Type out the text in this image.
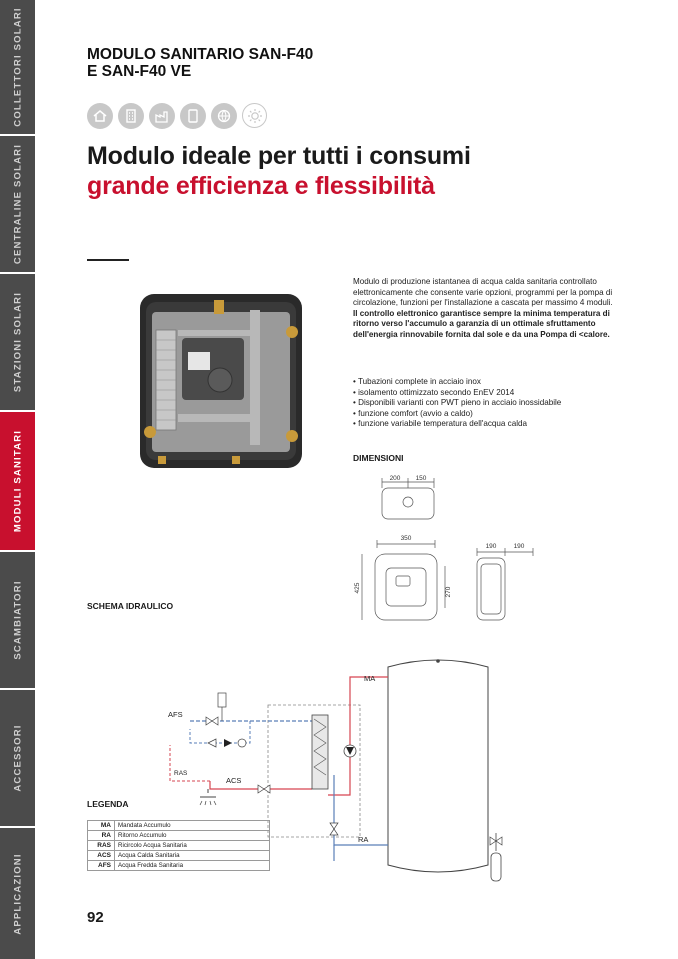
COLLETTORI SOLARI
CENTRALINE SOLARI
STAZIONI SOLARI
MODULI SANITARI
SCAMBIATORI
ACCESSORI
APPLICAZIONI
MODULO SANITARIO SAN-F40
E SAN-F40 VE
Modulo ideale per tutti i consumi
grande efficienza e flessibilità
Modulo di produzione istantanea di acqua calda sanitaria controllato elettronicamente che consente varie opzioni, programmi per la pompa di circolazione, funzioni per l'installazione a cascata per massimo 4 moduli. Il controllo elettronico garantisce sempre la minima temperatura di ritorno verso l'accumulo a garanzia di un ottimale sfruttamento dell'energia rinnovabile fornita dal sole e da una Pompa di <calore.
• Tubazioni complete in acciaio inox
• isolamento ottimizzato secondo EnEV 2014
• Disponibili varianti con PWT pieno in acciaio inossidabile
• funzione comfort (avvio a caldo)
• funzione variabile temperatura dell'acqua calda
DIMENSIONI
200 150
350
425	270
190	190
SCHEMA IDRAULICO
MA
RA
AFS
RAS
ACS
LEGENDA
MA	Mandata Accumulo
RA	Ritorno Accumulo
RAS	Ricircolo Acqua Sanitaria
ACS	Acqua Calda Sanitaria
AFS	Acqua Fredda Sanitaria
92
